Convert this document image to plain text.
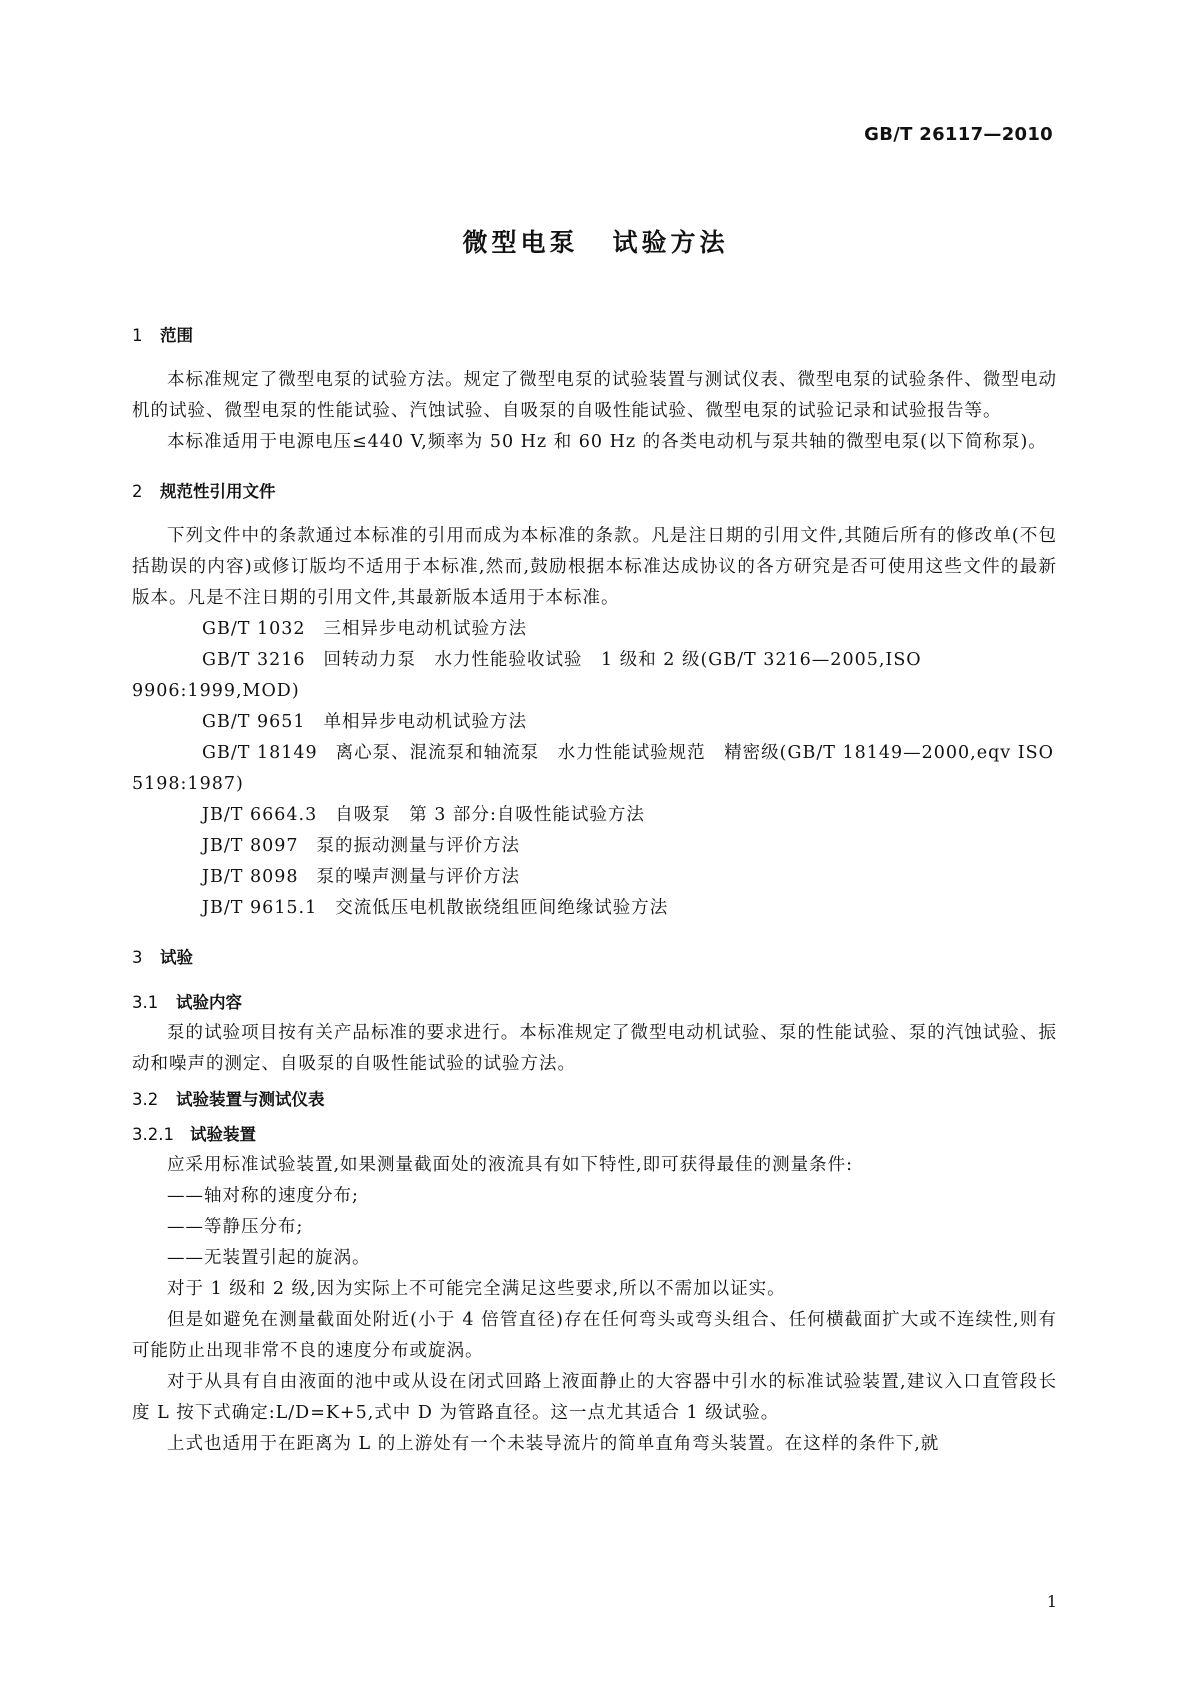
GB/T 26117—2010
微型电泵 试验方法
1 范围

本标准规定了微型电泵的试验方法。规定了微型电泵的试验装置与测试仪表、微型电泵的试验条件、微型电动机的试验、微型电泵的性能试验、汽蚀试验、自吸泵的自吸性能试验、微型电泵的试验记录和试验报告等。

本标准适用于电源电压≤440 V,频率为 50 Hz 和 60 Hz 的各类电动机与泵共轴的微型电泵(以下简称泵)。

2 规范性引用文件

下列文件中的条款通过本标准的引用而成为本标准的条款。凡是注日期的引用文件,其随后所有的修改单(不包括勘误的内容)或修订版均不适用于本标准,然而,鼓励根据本标准达成协议的各方研究是否可使用这些文件的最新版本。凡是不注日期的引用文件,其最新版本适用于本标准。

GB/T 1032 三相异步电动机试验方法
GB/T 3216 回转动力泵　水力性能验收试验　1 级和 2 级(GB/T 3216—2005,ISO 9906:1999,MOD)
GB/T 9651 单相异步电动机试验方法
GB/T 18149 离心泵、混流泵和轴流泵　水力性能试验规范　精密级(GB/T 18149—2000,eqv ISO 5198:1987)
JB/T 6664.3 自吸泵　第 3 部分:自吸性能试验方法
JB/T 8097 泵的振动测量与评价方法
JB/T 8098 泵的噪声测量与评价方法
JB/T 9615.1 交流低压电机散嵌绕组匝间绝缘试验方法
3 试验
3.1 试验内容

泵的试验项目按有关产品标准的要求进行。本标准规定了微型电动机试验、泵的性能试验、泵的汽蚀试验、振动和噪声的测定、自吸泵的自吸性能试验的试验方法。

3.2 试验装置与测试仪表
3.2.1 试验装置

应采用标准试验装置,如果测量截面处的液流具有如下特性,即可获得最佳的测量条件:

——轴对称的速度分布;
——等静压分布;
——无装置引起的旋涡。

对于 1 级和 2 级,因为实际上不可能完全满足这些要求,所以不需加以证实。

但是如避免在测量截面处附近(小于 4 倍管直径)存在任何弯头或弯头组合、任何横截面扩大或不连续性,则有可能防止出现非常不良的速度分布或旋涡。

对于从具有自由液面的池中或从设在闭式回路上液面静止的大容器中引水的标准试验装置,建议入口直管段长度 L 按下式确定:L/D=K+5,式中 D 为管路直径。这一点尤其适合 1 级试验。

上式也适用于在距离为 L 的上游处有一个未装导流片的简单直角弯头装置。在这样的条件下,就

1
